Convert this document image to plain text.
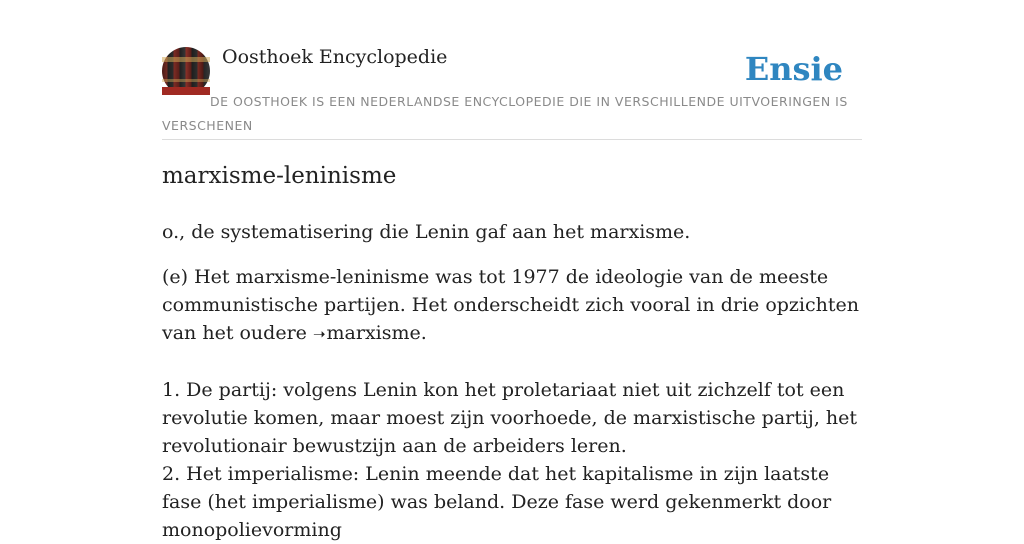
Oosthoek Encyclopedie	Ensie
DE OOSTHOEK IS EEN NEDERLANDSE ENCYCLOPEDIE DIE IN VERSCHILLENDE UITVOERINGEN IS VERSCHENEN
marxisme-leninisme
o., de systematisering die Lenin gaf aan het marxisme.

(e) Het marxisme-leninisme was tot 1977 de ideologie van de meeste communistische partijen. Het onderscheidt zich vooral in drie opzichten van het oudere ➝marxisme.

1. De partij: volgens Lenin kon het proletariaat niet uit zichzelf tot een revolutie komen, maar moest zijn voorhoede, de marxistische partij, het revolutionair bewustzijn aan de arbeiders leren.

2. Het imperialisme: Lenin meende dat het kapitalisme in zijn laatste fase (het imperialisme) was beland. Deze fase werd gekenmerkt door monopolievorming
